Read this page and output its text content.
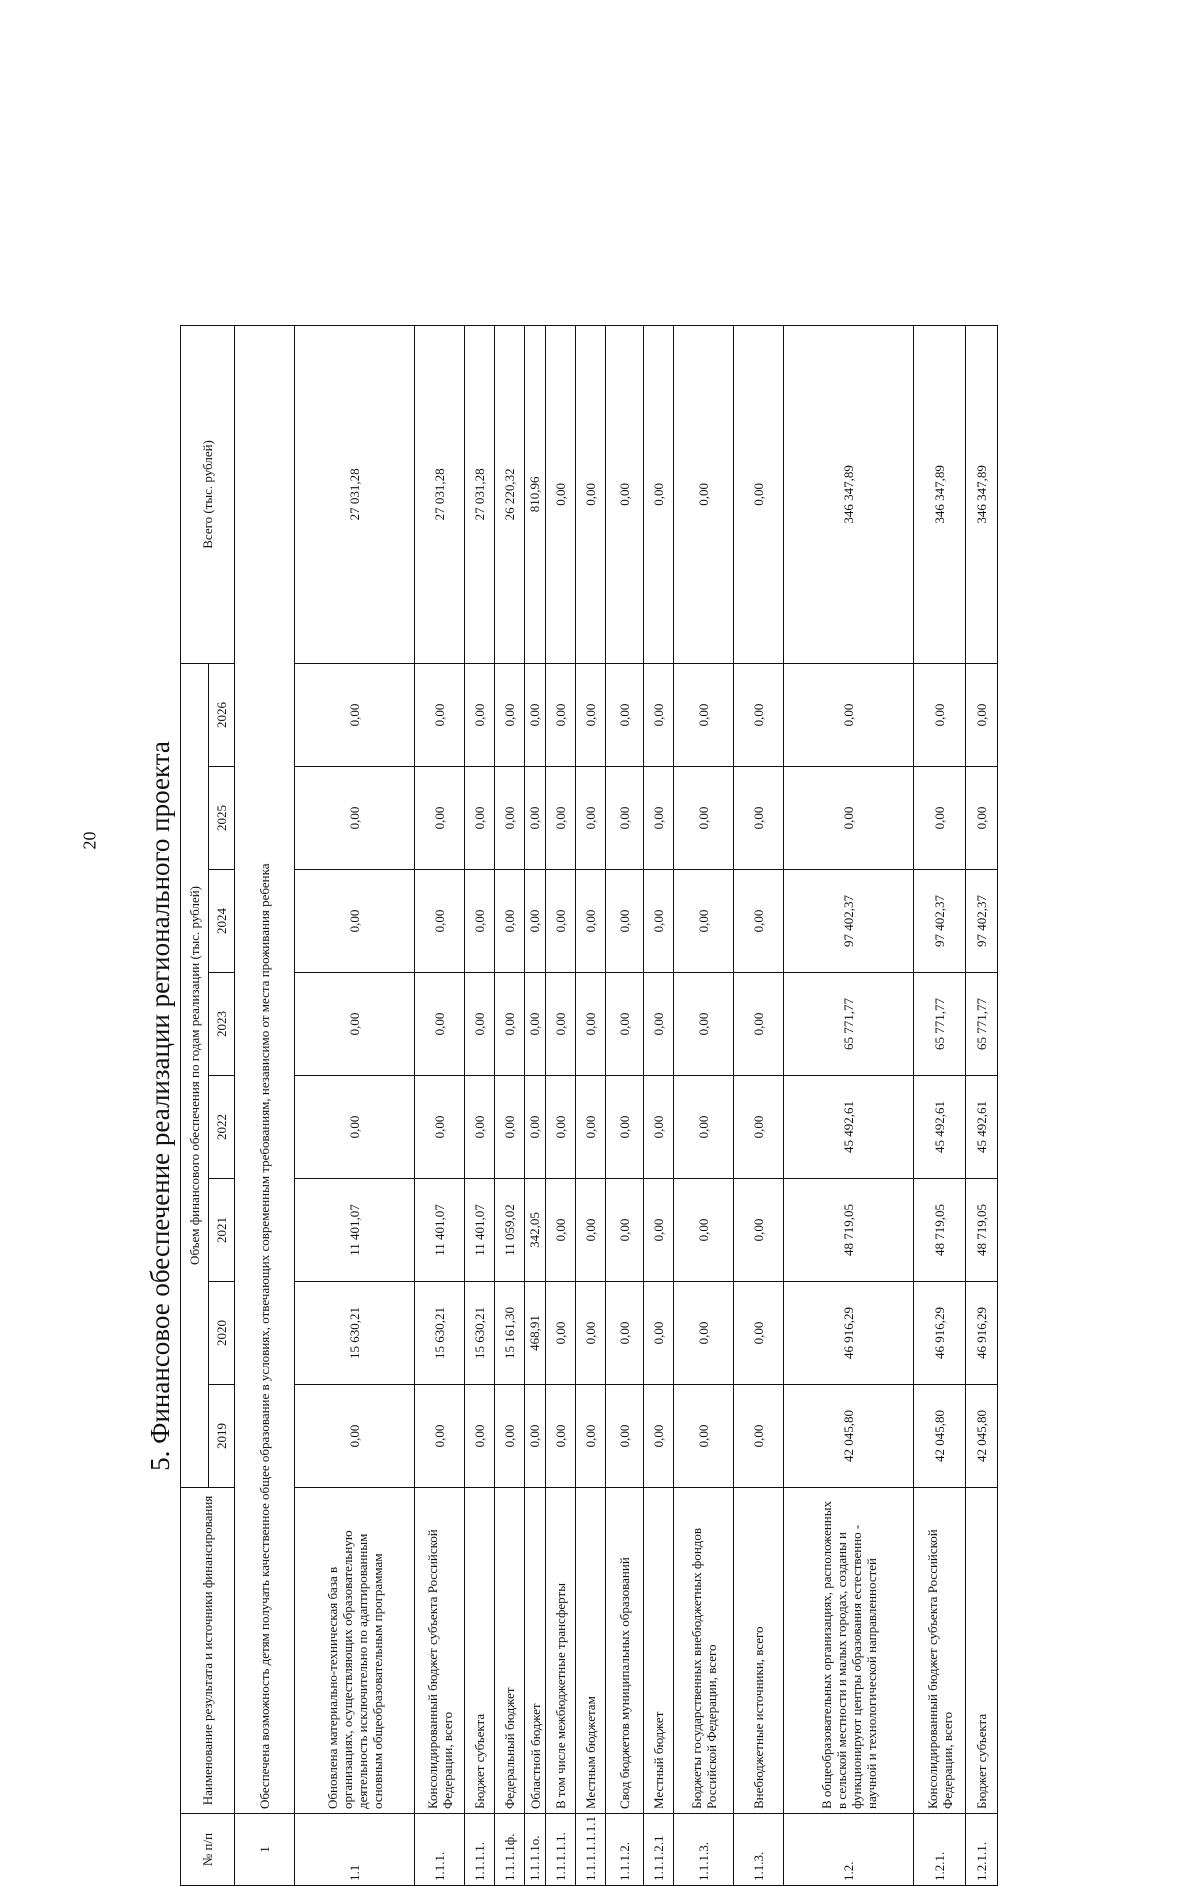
20 5. Финансовое обеспечение реализации регионального проекта
№ п/п	Наименование результата и источники финансирования	Объем финансового обеспечения по годам реализации (тыс. рублей)								Всего (тыс. рублей)
		2019	2020	2021	2022	2023	2024	2025	2026	
1	Обеспечена возможность детям получать качественное общее образование в условиях, отвечающих современным требованиям, независимо от места проживания ребенка									
1.1	Обновлена материально-техническая база в организациях, осуществляющих образовательную деятельность исключительно по адаптированным основным общеобразовательным программам	0,00	15 630,21	11 401,07	0,00	0,00	0,00	0,00	0,00	27 031,28
1.1.1.	Консолидированный бюджет субъекта Российской Федерации, всего	0,00	15 630,21	11 401,07	0,00	0,00	0,00	0,00	0,00	27 031,28
1.1.1.1.	Бюджет субъекта	0,00	15 630,21	11 401,07	0,00	0,00	0,00	0,00	0,00	27 031,28
1.1.1.1ф.	Федеральный бюджет	0,00	15 161,30	11 059,02	0,00	0,00	0,00	0,00	0,00	26 220,32
1.1.1.1о.	Областной бюджет	0,00	468,91	342,05	0,00	0,00	0,00	0,00	0,00	810,96
1.1.1.1.1.	В том числе межбюджетные трансферты	0,00	0,00	0,00	0,00	0,00	0,00	0,00	0,00	0,00
1.1.1.1.1.1.1	Местным бюджетам	0,00	0,00	0,00	0,00	0,00	0,00	0,00	0,00	0,00
1.1.1.2.	Свод бюджетов муниципальных образований	0,00	0,00	0,00	0,00	0,00	0,00	0,00	0,00	0,00
1.1.1.2.1	Местный бюджет	0,00	0,00	0,00	0,00	0,00	0,00	0,00	0,00	0,00
1.1.1.3.	Бюджеты государственных внебюджетных фондов Российской Федерации, всего	0,00	0,00	0,00	0,00	0,00	0,00	0,00	0,00	0,00
1.1.3.	Внебюджетные источники, всего	0,00	0,00	0,00	0,00	0,00	0,00	0,00	0,00	0,00
1.2.	В общеобразовательных организациях, расположенных в сельской местности и малых городах, созданы и функционируют центры образования естественно - научной и технологической направленностей	42 045,80	46 916,29	48 719,05	45 492,61	65 771,77	97 402,37	0,00	0,00	346 347,89
1.2.1.	Консолидированный бюджет субъекта Российской Федерации, всего	42 045,80	46 916,29	48 719,05	45 492,61	65 771,77	97 402,37	0,00	0,00	346 347,89
1.2.1.1.	Бюджет субъекта	42 045,80	46 916,29	48 719,05	45 492,61	65 771,77	97 402,37	0,00	0,00	346 347,89
